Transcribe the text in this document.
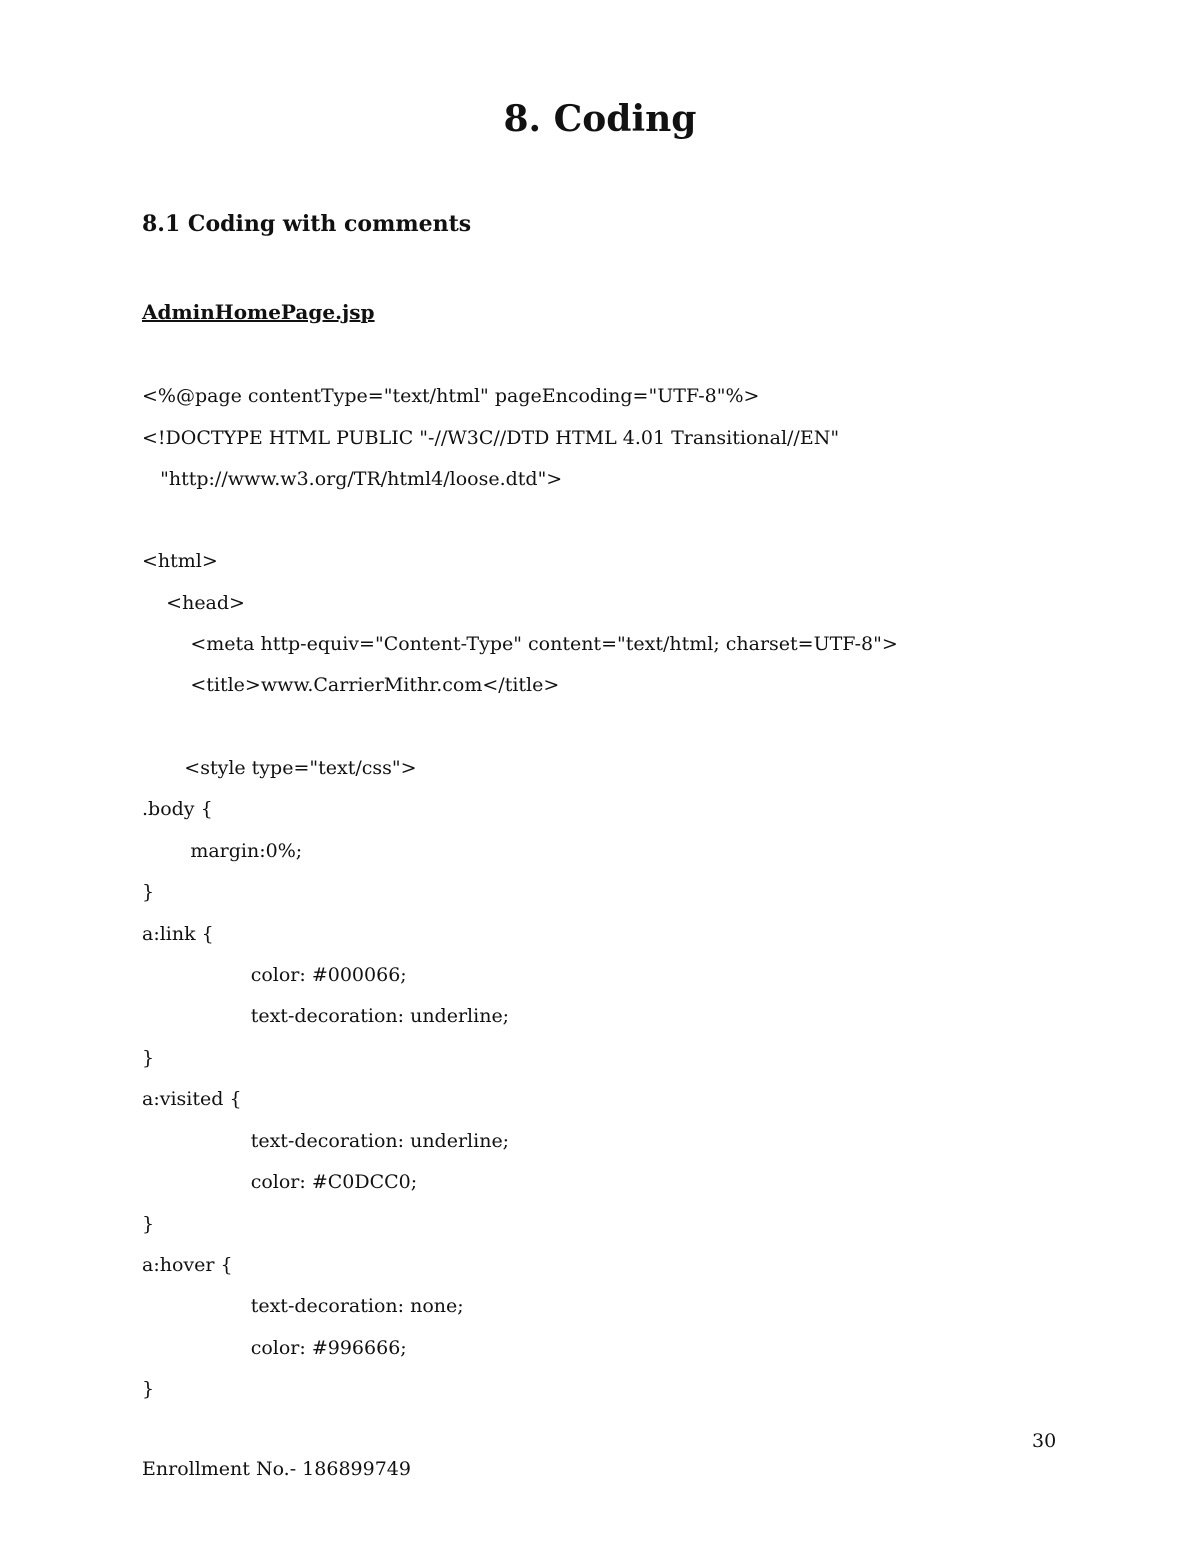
8. Coding
8.1 Coding with comments
AdminHomePage.jsp
<%@page contentType="text/html" pageEncoding="UTF-8"%>
<!DOCTYPE HTML PUBLIC "-//W3C//DTD HTML 4.01 Transitional//EN"
"http://www.w3.org/TR/html4/loose.dtd">
<html>
<head>
<meta http-equiv="Content-Type" content="text/html; charset=UTF-8">
<title>www.CarrierMithr.com</title>
<style type="text/css">
.body {
margin:0%;
}
a:link {
color: #000066;
text-decoration: underline;
}
a:visited {
text-decoration: underline;
color: #C0DCC0;
}
a:hover {
text-decoration: none;
color: #996666;
}
30
Enrollment No.- 186899749
